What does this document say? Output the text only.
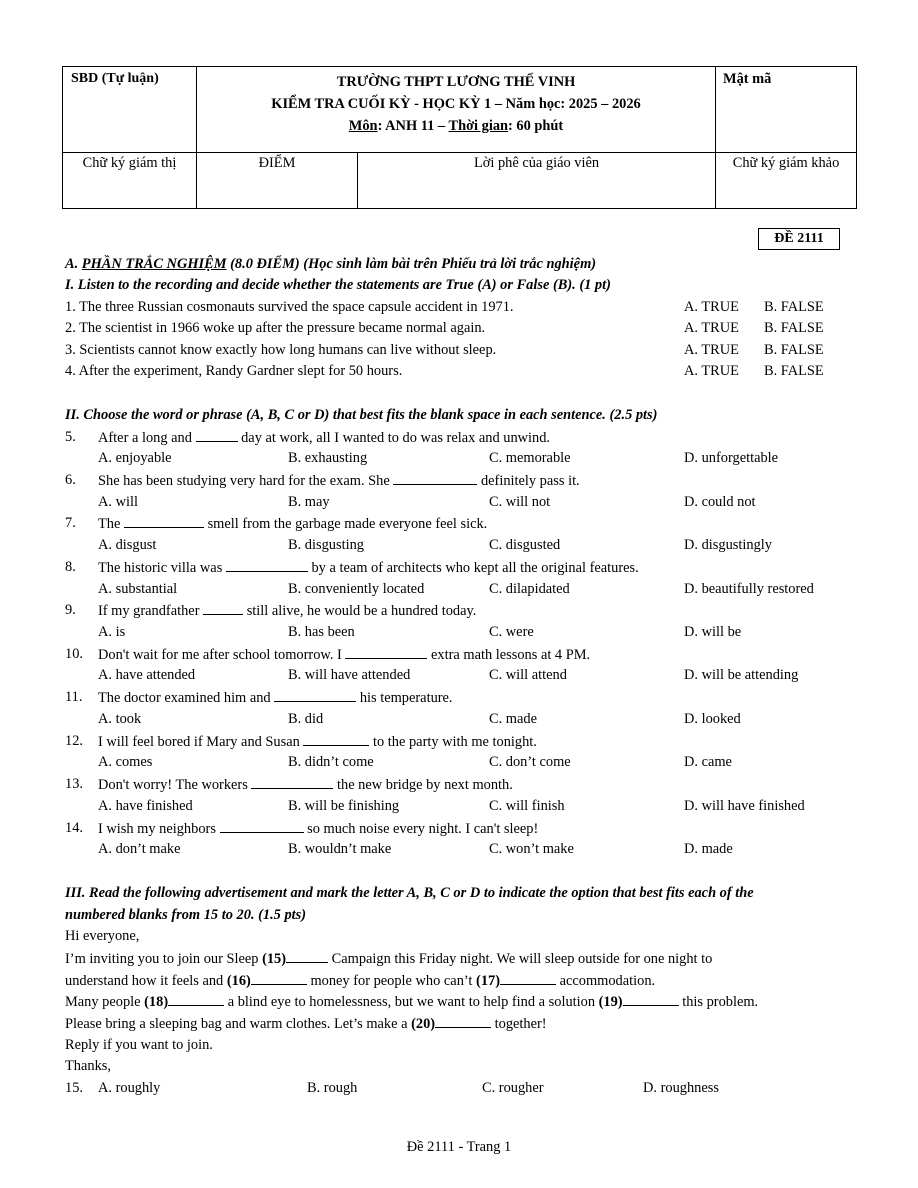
SBD (Tự luận)	TRƯỜNG THPT LƯƠNG THẾ VINH
KIỂM TRA CUỐI KỲ - HỌC KỲ 1 – Năm học: 2025 – 2026
Môn: ANH 11 – Thời gian: 60 phút		Mật mã

Chữ ký giám thị	ĐIỂM	Lời phê của giáo viên	Chữ ký giám khảo
ĐỀ 2111
A. PHẦN TRẮC NGHIỆM (8.0 ĐIỂM) (Học sinh làm bài trên Phiếu trả lời trắc nghiệm)
I. Listen to the recording and decide whether the statements are True (A) or False (B). (1 pt)
1. The three Russian cosmonauts survived the space capsule accident in 1971.	A. TRUE B. FALSE
2. The scientist in 1966 woke up after the pressure became normal again.	A. TRUE B. FALSE
3. Scientists cannot know exactly how long humans can live without sleep.	A. TRUE B. FALSE
4. After the experiment, Randy Gardner slept for 50 hours.	A. TRUE B. FALSE
II. Choose the word or phrase (A, B, C or D) that best fits the blank space in each sentence. (2.5 pts)
5. After a long and	day at work, all I wanted to do was relax and unwind.
A. enjoyable	B. exhausting	C. memorable	D. unforgettable
6. She has been studying very hard for the exam. She	definitely pass it.
A. will	B. may	C. will not	D. could not
7. The	smell from the garbage made everyone feel sick.
A. disgust	B. disgusting	C. disgusted	D. disgustingly
8. The historic villa was	by a team of architects who kept all the original features.
A. substantial	B. conveniently located	C. dilapidated	D. beautifully restored
9. If my grandfather	still alive, he would be a hundred today.
A. is	B. has been	C. were	D. will be
10. Don't wait for me after school tomorrow. I	extra math lessons at 4 PM.
A. have attended	B. will have attended	C. will attend	D. will be attending
11. The doctor examined him and	his temperature.
A. took	B. did	C. made	D. looked
12. I will feel bored if Mary and Susan	to the party with me tonight.
A. comes	B. didn’t come	C. don’t come	D. came
13. Don't worry! The workers	the new bridge by next month.
A. have finished	B. will be finishing	C. will finish	D. will have finished
14. I wish my neighbors	so much noise every night. I can't sleep!
A. don’t make	B. wouldn’t make	C. won’t make	D. made
III. Read the following advertisement and mark the letter A, B, C or D to indicate the option that best fits each of the
numbered blanks from 15 to 20. (1.5 pts)
Hi everyone,
I’m inviting you to join our Sleep (15)	Campaign this Friday night. We will sleep outside for one night to
understand how it feels and (16)	money for people who can’t (17)	accommodation.
Many people (18)	a blind eye to homelessness, but we want to help find a solution (19)	this problem.
Please bring a sleeping bag and warm clothes. Let’s make a (20)	together!
Reply if you want to join.
Thanks,
15. A. roughly	B. rough	C. rougher	D. roughness
Đề 2111 - Trang 1
